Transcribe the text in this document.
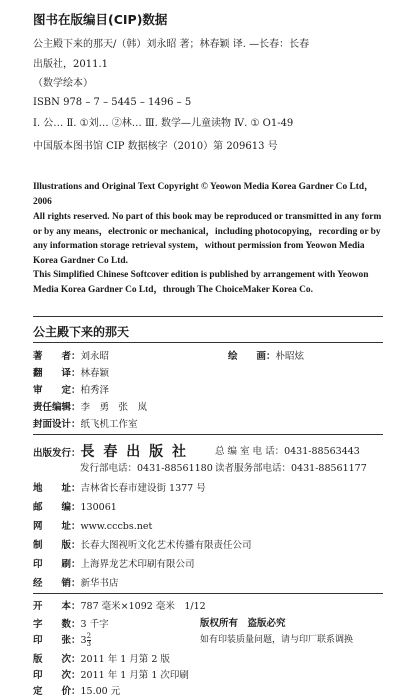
图书在版编目(CIP)数据
公主殿下来的那天/（韩）刘永昭 著；林春颖 译. —长春：长春
出版社，2011.1
（数学绘本）
ISBN 978 – 7 – 5445 – 1496 – 5
Ⅰ. 公… Ⅱ. ①刘… ②林… Ⅲ. 数学—儿童读物 Ⅳ. ① O1-49
中国版本图书馆 CIP 数据核字（2010）第 209613 号
Illustrations and Original Text Copyright © Yeowon Media Korea Gardner Co Ltd，2006
All rights reserved. No part of this book may be reproduced or transmitted in any form or by any means，electronic or mechanical，including photocopying，recording or by any information storage retrieval system，without permission from Yeowon Media Korea Gardner Co Ltd.
This Simplified Chinese Softcover edition is published by arrangement with Yeowon Media Korea Gardner Co Ltd，through The ChoiceMaker Korea Co.
公主殿下来的那天
著　　者：刘永昭	绘　　画：朴昭炫
翻　　译：林春颖
审　　定：柏秀泽
责任编辑：李　勇　张　岚
封面设计：纸飞机工作室
出版发行：長 春 出 版 社	总 编 室 电 话：0431-88563443
发行部电话：0431-88561180 读者服务部电话：0431-88561177
地　　址：吉林省长春市建设街 1377 号
邮　　编：130061
网　　址：www.cccbs.net
制　　版：长春大图视听文化艺术传播有限责任公司
印　　刷：上海界龙艺术印刷有限公司
经　　销：新华书店
开　　本：787 毫米×1092 毫米　1/12
字　　数：3 千字
印　　张：$3 \frac{2}{3}$
版　　次：2011 年 1 月第 2 版
印　　次：2011 年 1 月第 1 次印刷
定　　价：15.00 元
版权所有　盗版必究
如有印装质量问题，请与印厂联系调换
